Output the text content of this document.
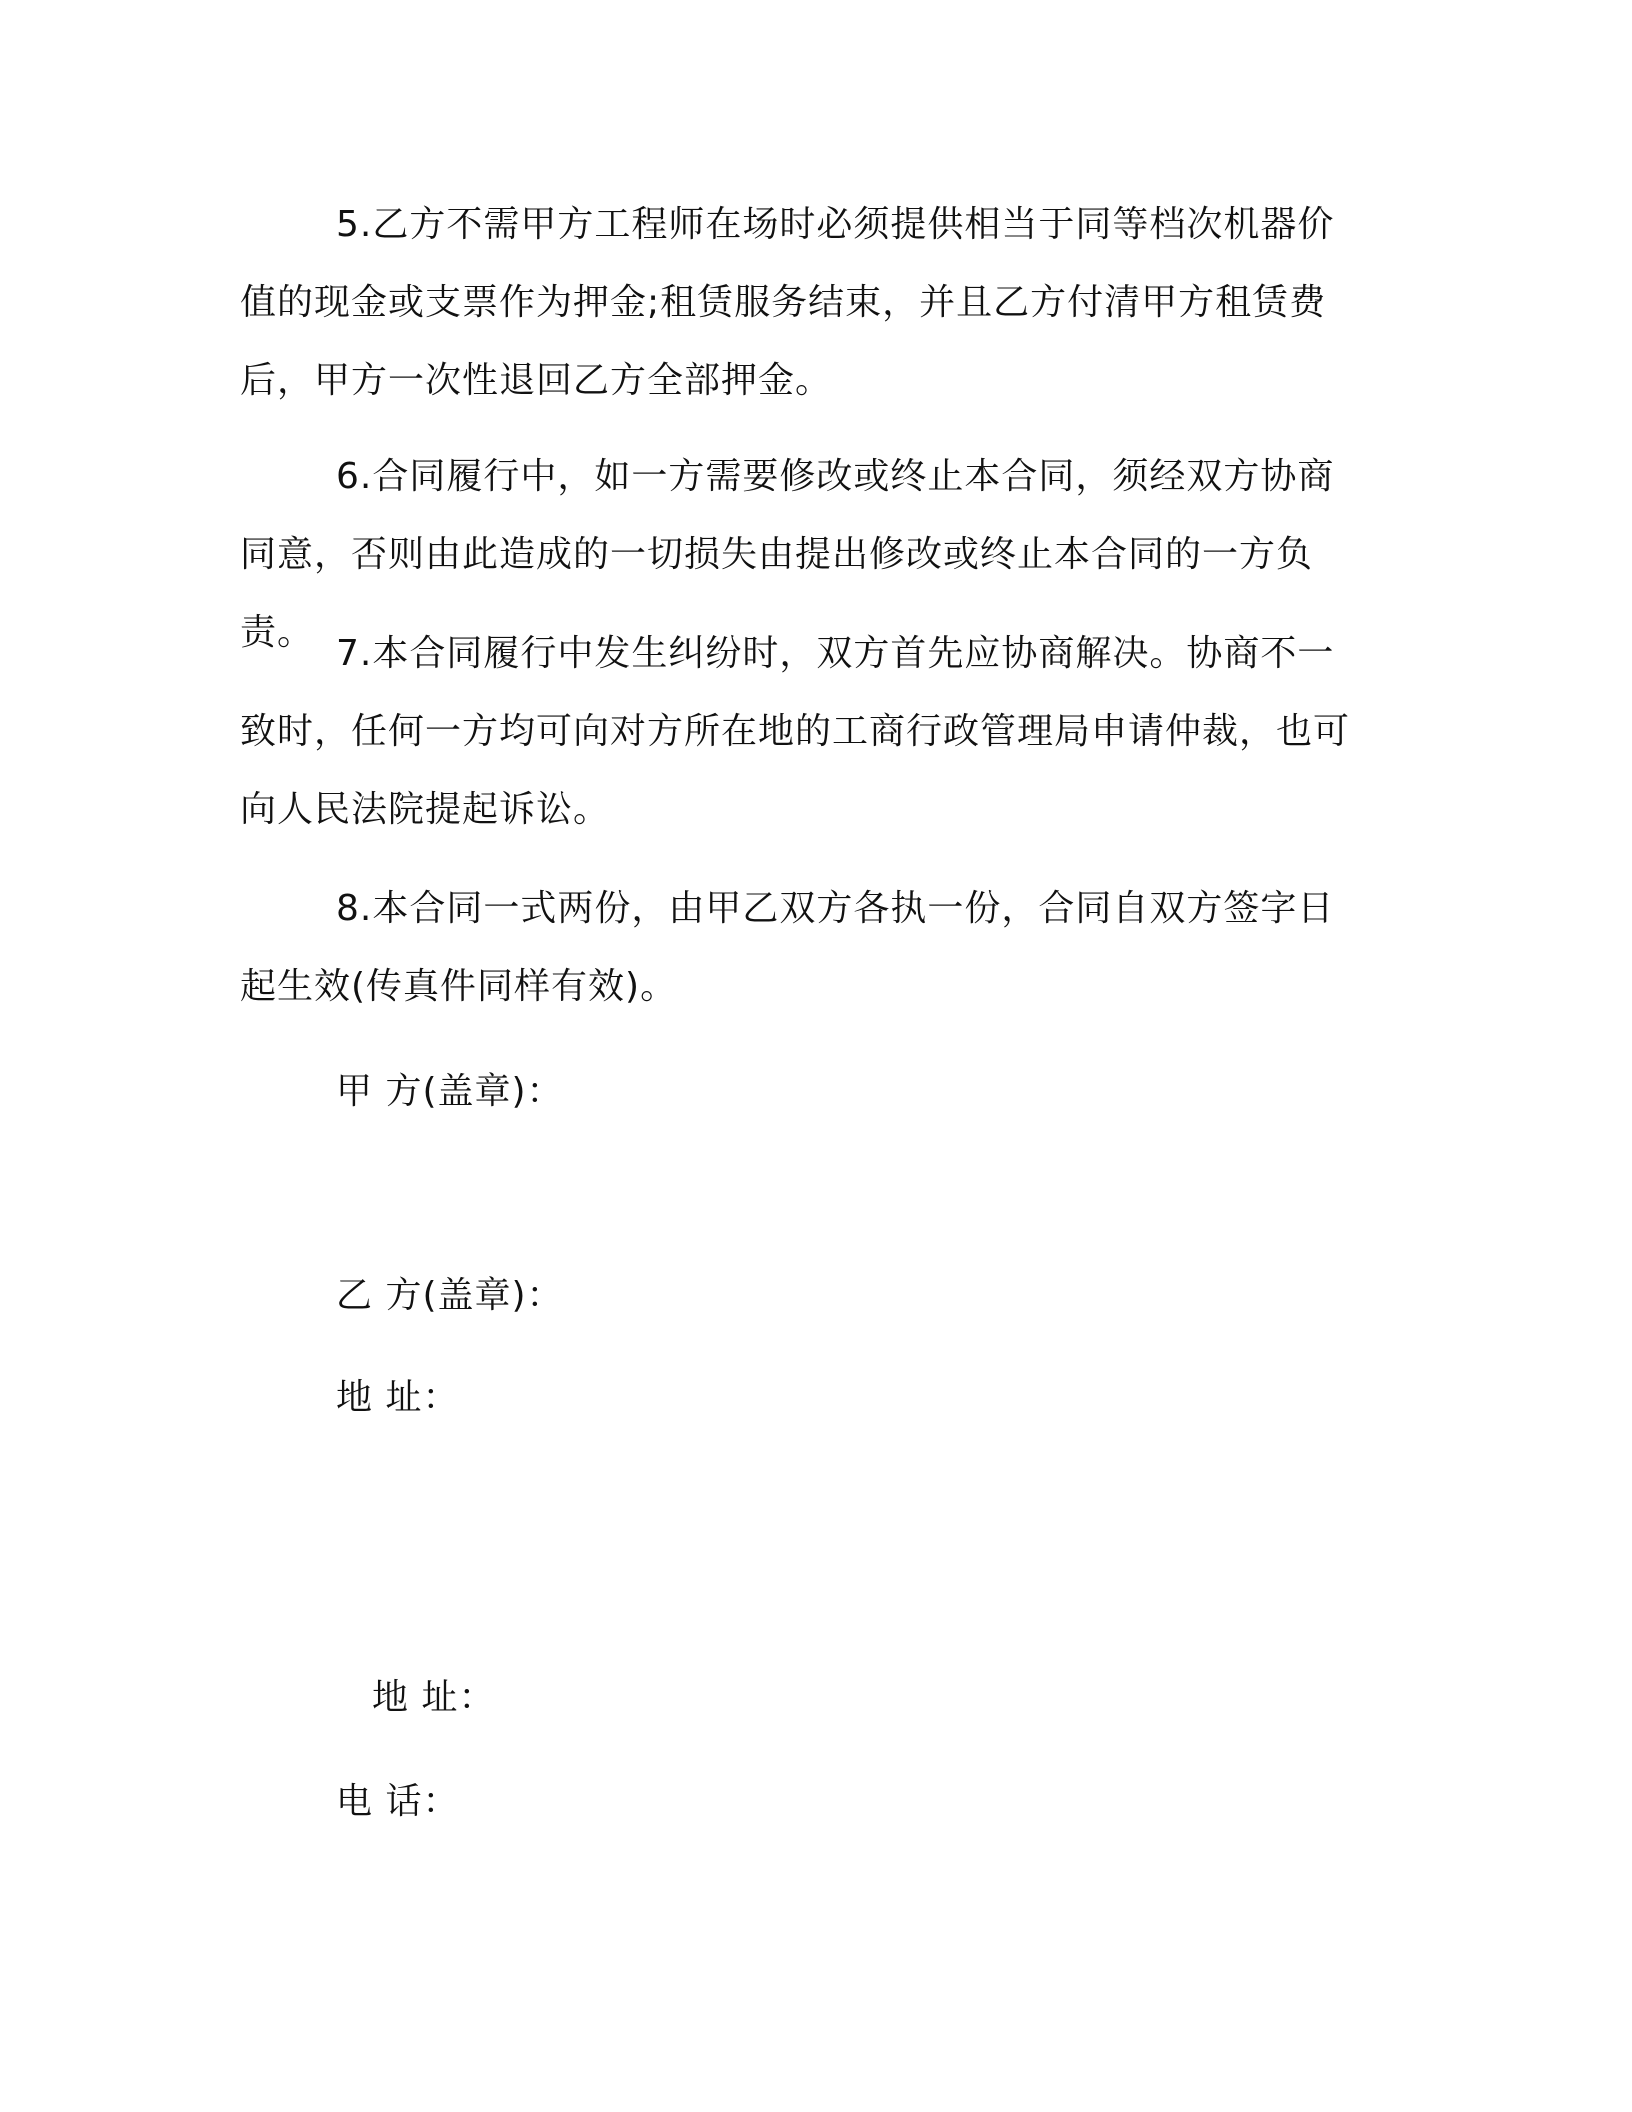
5.乙方不需甲方工程师在场时必须提供相当于同等档次机器价值的现金或支票作为押金;租赁服务结束，并且乙方付清甲方租赁费后，甲方一次性退回乙方全部押金。

6.合同履行中，如一方需要修改或终止本合同，须经双方协商同意，否则由此造成的一切损失由提出修改或终止本合同的一方负责。

7.本合同履行中发生纠纷时，双方首先应协商解决。协商不一致时，任何一方均可向对方所在地的工商行政管理局申请仲裁，也可向人民法院提起诉讼。

8.本合同一式两份，由甲乙双方各执一份，合同自双方签字日起生效(传真件同样有效)。

甲 方(盖章)：

乙 方(盖章)：

地 址：

地 址：

电 话：
